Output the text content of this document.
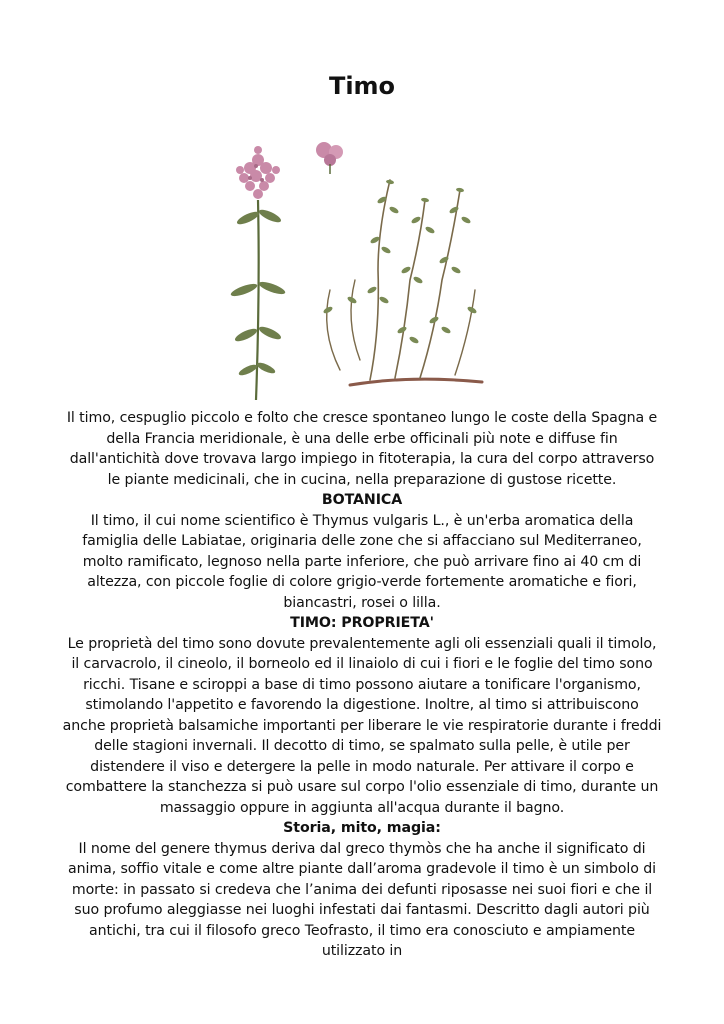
Timo

Il timo, cespuglio piccolo e folto che cresce spontaneo lungo le coste della Spagna e della Francia meridionale, è una delle erbe officinali più note e diffuse fin dall'antichità dove trovava largo impiego in fitoterapia, la cura del corpo attraverso le piante medicinali, che in cucina, nella preparazione di gustose ricette.

BOTANICA

Il timo, il cui nome scientifico è Thymus vulgaris L., è un'erba aromatica della famiglia delle Labiatae, originaria delle zone che si affacciano sul Mediterraneo, molto ramificato, legnoso nella parte inferiore, che può arrivare fino ai 40 cm di altezza, con piccole foglie di colore grigio-verde fortemente aromatiche e fiori, biancastri, rosei o lilla.

TIMO: PROPRIETA'

Le proprietà del timo sono dovute prevalentemente agli oli essenziali quali il timolo, il carvacrolo, il cineolo, il borneolo ed il linaiolo di cui i fiori e le foglie del timo sono ricchi. Tisane e sciroppi a base di timo possono aiutare a tonificare l'organismo, stimolando l'appetito e favorendo la digestione. Inoltre, al timo si attribuiscono anche proprietà balsamiche importanti per liberare le vie respiratorie durante i freddi delle stagioni invernali. Il decotto di timo, se spalmato sulla pelle, è utile per distendere il viso e detergere la pelle in modo naturale. Per attivare il corpo e combattere la stanchezza si può usare sul corpo l'olio essenziale di timo, durante un massaggio oppure in aggiunta all'acqua durante il bagno.

Storia, mito, magia:

Il nome del genere thymus deriva dal greco thymòs che ha anche il significato di anima, soffio vitale e come altre piante dall’aroma gradevole il timo è un simbolo di morte: in passato si credeva che l’anima dei defunti riposasse nei suoi fiori e che il suo profumo aleggiasse nei luoghi infestati dai fantasmi. Descritto dagli autori più antichi, tra cui il filosofo greco Teofrasto, il timo era conosciuto e ampiamente utilizzato in
